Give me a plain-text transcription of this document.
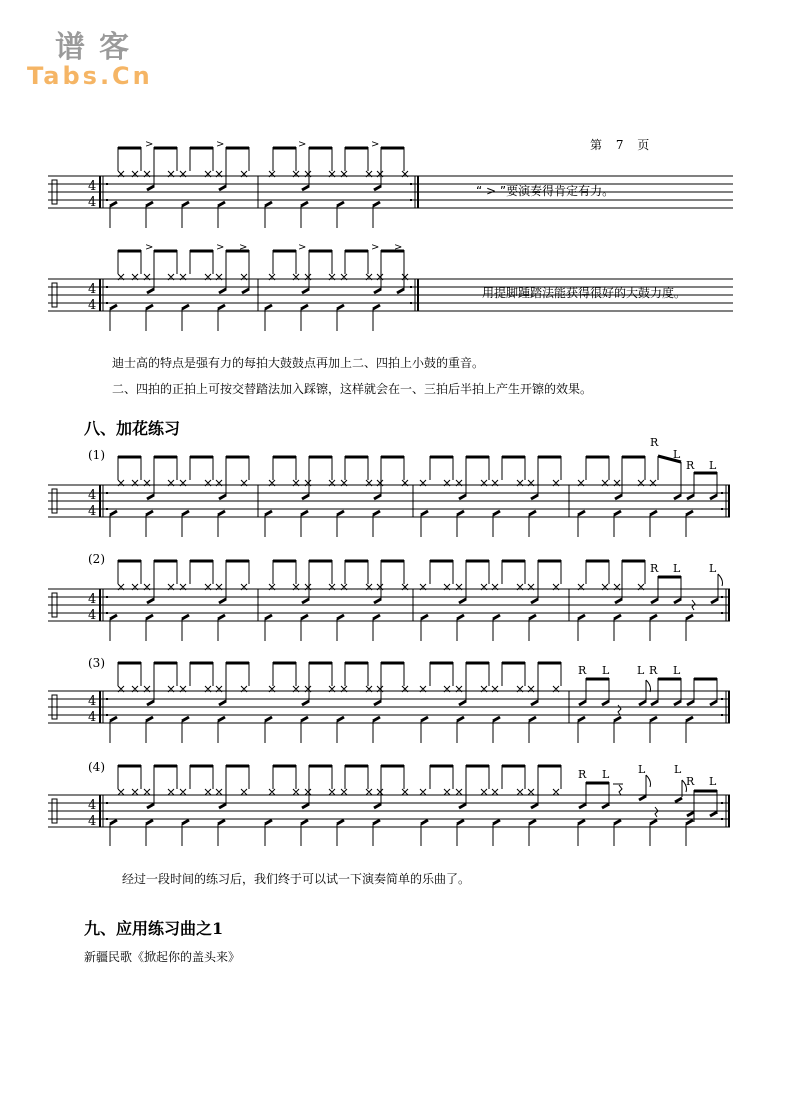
谱客
Tabs.Cn
第 7 页
4
4
>	>	>	>
“ > ”要演奏得肯定有力。
4
4
>	> >	>	> >
用提脚踵踏法能获得很好的大鼓力度。
迪士高的特点是强有力的每拍大鼓鼓点再加上二、四拍上小鼓的重音。
二、四拍的正拍上可按交替踏法加入踩镲，这样就会在一、三拍后半拍上产生开镲的效果。
八、加花练习
(1)
4
4
R
L
R L
(2)
4
4
R L	L
(3)
4
4
R L	L R L
(4)
4
4
R L	L	L
R L
经过一段时间的练习后，我们终于可以试一下演奏简单的乐曲了。
九、应用练习曲之1
新疆民歌《掀起你的盖头来》
